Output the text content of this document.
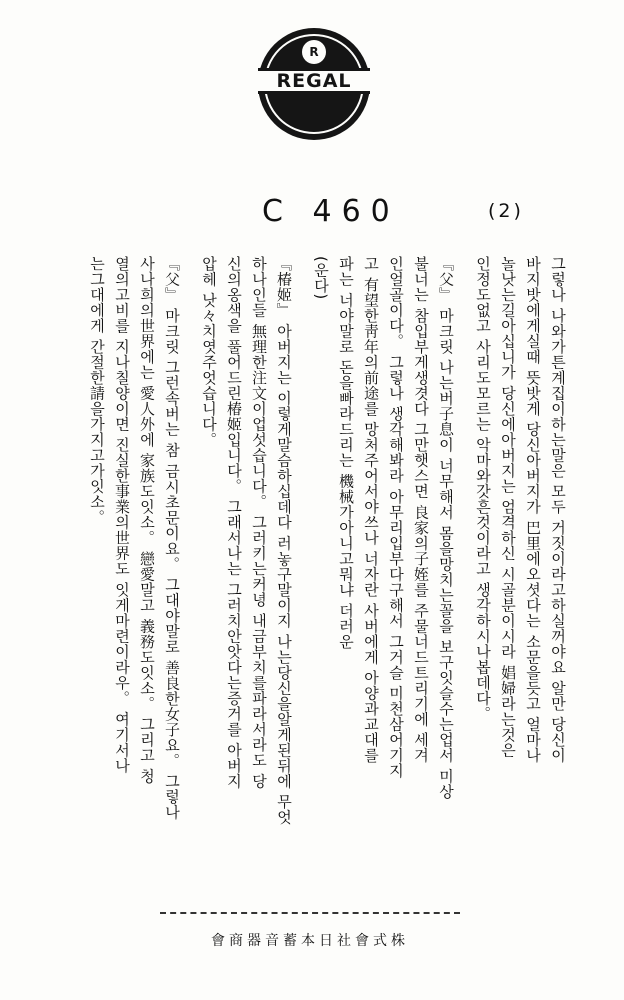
R
REGAL
C 460	(2)
그렇나 나와가튼계집이하는말은 모두 거짓이라고하실꺼야요 알만 당신이
바지밧에게실때 뜻밧게 당신아버지가 巴里에오셧다는 소문을듯고 얼마나
놀낫는길아십니가 당신에아버지는 엄격하신 시골분이시라 娼婦라는것은
인정도없고 사리도모르는 악마와갓흔것이라고 생각하시나봅데다。
『父』 마크릿 나는버子息이 너무해서 몸을망치는꼴을 보구잇슬수는업서 미상
불너는 참입부게생겻다 그만햇스면 良家의子姪를 주물너드트리기에 세겨
인얼골이다。 그렇나 생각해봐라 아무리입부다구해서 그거슬 미천삼어기지
고 有望한靑年의前途를 망처주어서야쓰나 너자란 사버에게 아양과교대를
파는 너야말로 돈을빠라드리는 機械가아니고뭐냐 더러운
(운다)
『椿姬』 아버지는 이렇게말슴하십데다 러놓구말이지 나는당신을알게된뒤에 무엇
하나인들 無理한注文이업섯습니다。 그러키는커녕 내금부치를파라서라도 당
신의옹색을 풀어드린椿姬입니다。 그래서나는 그러치안앗다는증거를 아버지
압헤 낫々치엿주엇습니다。
『父』 마크릿 그런속버는 참 금시초문이요。 그대야말로 善良한女子요。 그렇나
사나희의世界에는 愛人外에 家族도잇소。 戀愛말고 義務도잇소。 그리고 청
열의고비를 지나칠양이면 진실한事業의世界도 잇게마련이라우。 여기서나
는그대에게 간절한請을가지고가잇소。
會商器音蓄本日社會式株
